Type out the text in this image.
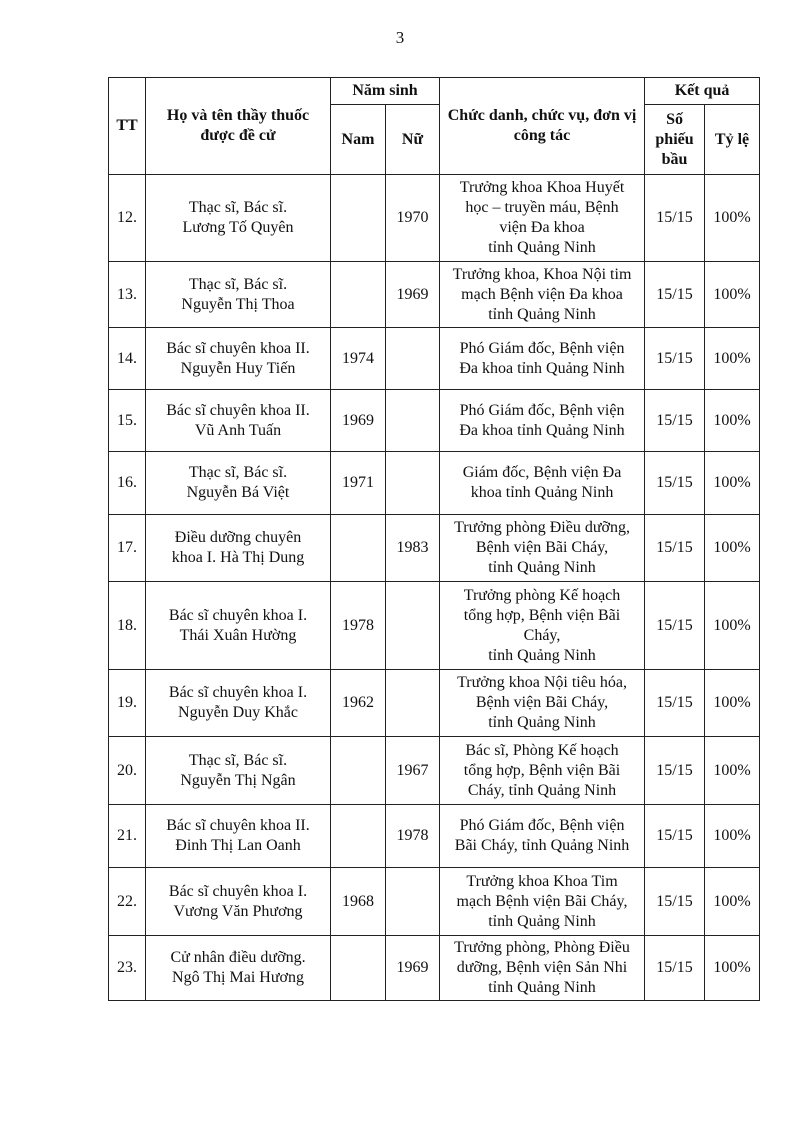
3
TT	Họ và tên thầy thuốc được đề cử	Năm sinh		Chức danh, chức vụ, đơn vị công tác	Kết quả	
		Nam	Nữ		Số phiếu bầu	Tỷ lệ
12.	Thạc sĩ, Bác sĩ.
Lương Tố Quyên		1970	Trưởng khoa Khoa Huyết
học – truyền máu, Bệnh
viện Đa khoa
tỉnh Quảng Ninh	15/15	100%
13.	Thạc sĩ, Bác sĩ.
Nguyễn Thị Thoa		1969	Trưởng khoa, Khoa Nội tim
mạch Bệnh viện Đa khoa
tỉnh Quảng Ninh	15/15	100%
14.	Bác sĩ chuyên khoa II.
Nguyễn Huy Tiến	1974		Phó Giám đốc, Bệnh viện
Đa khoa tỉnh Quảng Ninh	15/15	100%
15.	Bác sĩ chuyên khoa II.
Vũ Anh Tuấn	1969		Phó Giám đốc, Bệnh viện
Đa khoa tỉnh Quảng Ninh	15/15	100%
16.	Thạc sĩ, Bác sĩ.
Nguyễn Bá Việt	1971		Giám đốc, Bệnh viện Đa
khoa tỉnh Quảng Ninh	15/15	100%
17.	Điều dưỡng chuyên
khoa I. Hà Thị Dung		1983	Trưởng phòng Điều dưỡng,
Bệnh viện Bãi Cháy,
tỉnh Quảng Ninh	15/15	100%
18.	Bác sĩ chuyên khoa I.
Thái Xuân Hường	1978		Trưởng phòng Kế hoạch
tổng hợp, Bệnh viện Bãi
Cháy,
tỉnh Quảng Ninh	15/15	100%
19.	Bác sĩ chuyên khoa I.
Nguyễn Duy Khắc	1962		Trưởng khoa Nội tiêu hóa,
Bệnh viện Bãi Cháy,
tỉnh Quảng Ninh	15/15	100%
20.	Thạc sĩ, Bác sĩ.
Nguyễn Thị Ngân		1967	Bác sĩ, Phòng Kế hoạch
tổng hợp, Bệnh viện Bãi
Cháy, tỉnh Quảng Ninh	15/15	100%
21.	Bác sĩ chuyên khoa II.
Đinh Thị Lan Oanh		1978	Phó Giám đốc, Bệnh viện
Bãi Cháy, tỉnh Quảng Ninh	15/15	100%
22.	Bác sĩ chuyên khoa I.
Vương Văn Phương	1968		Trưởng khoa Khoa Tim
mạch Bệnh viện Bãi Cháy,
tỉnh Quảng Ninh	15/15	100%
23.	Cử nhân điều dưỡng.
Ngô Thị Mai Hương		1969	Trưởng phòng, Phòng Điều
dưỡng, Bệnh viện Sản Nhi
tỉnh Quảng Ninh	15/15	100%
